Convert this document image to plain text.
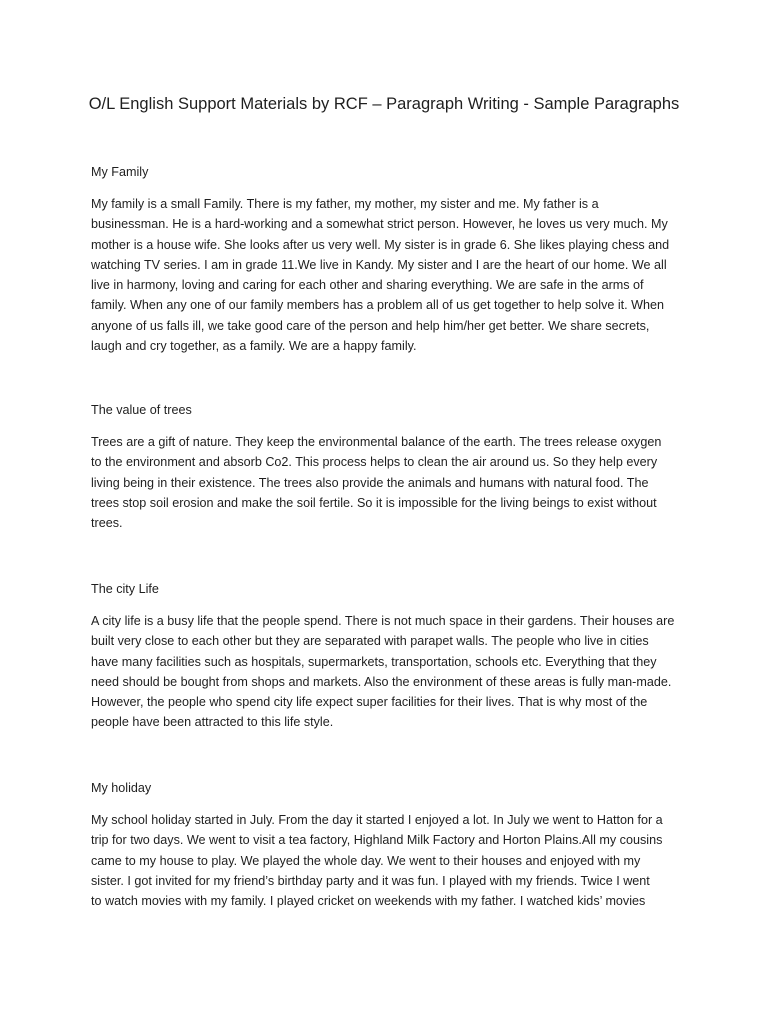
O/L English Support Materials by RCF – Paragraph Writing - Sample Paragraphs

My Family

My family is a small Family. There is my father, my mother, my sister and me. My father is a
businessman. He is a hard-working and a somewhat strict person. However, he loves us very much. My
mother is a house wife. She looks after us very well. My sister is in grade 6. She likes playing chess and
watching TV series. I am in grade 11.We live in Kandy. My sister and I are the heart of our home. We all
live in harmony, loving and caring for each other and sharing everything. We are safe in the arms of
family. When any one of our family members has a problem all of us get together to help solve it. When
anyone of us falls ill, we take good care of the person and help him/her get better. We share secrets,
laugh and cry together, as a family. We are a happy family.

The value of trees

Trees are a gift of nature. They keep the environmental balance of the earth. The trees release oxygen
to the environment and absorb Co2. This process helps to clean the air around us. So they help every
living being in their existence. The trees also provide the animals and humans with natural food. The
trees stop soil erosion and make the soil fertile. So it is impossible for the living beings to exist without
trees.

The city Life

A city life is a busy life that the people spend. There is not much space in their gardens. Their houses are
built very close to each other but they are separated with parapet walls. The people who live in cities
have many facilities such as hospitals, supermarkets, transportation, schools etc. Everything that they
need should be bought from shops and markets. Also the environment of these areas is fully man-made.
However, the people who spend city life expect super facilities for their lives. That is why most of the
people have been attracted to this life style.

My holiday

My school holiday started in July. From the day it started I enjoyed a lot. In July we went to Hatton for a
trip for two days. We went to visit a tea factory, Highland Milk Factory and Horton Plains.All my cousins
came to my house to play. We played the whole day. We went to their houses and enjoyed with my
sister. I got invited for my friend’s birthday party and it was fun. I played with my friends. Twice I went
to watch movies with my family. I played cricket on weekends with my father. I watched kids’ movies
